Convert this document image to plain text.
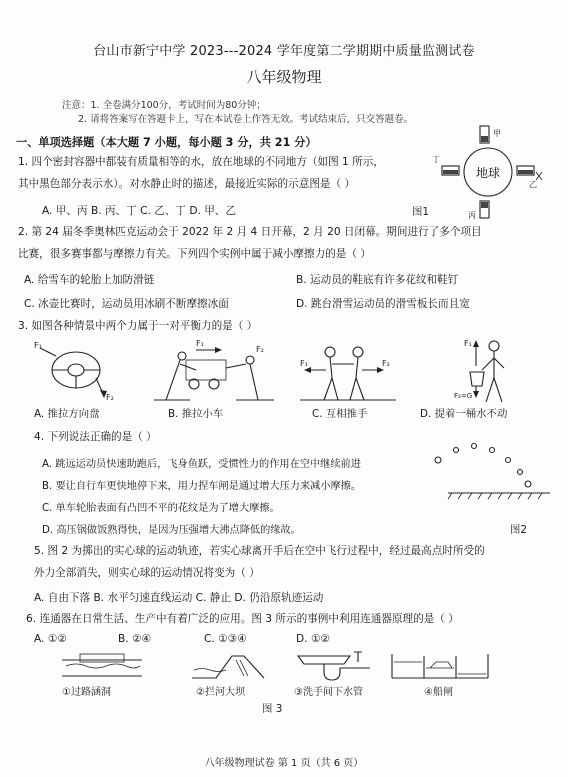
台山市新宁中学 2023---2024 学年度第二学期期中质量监测试卷
八年级物理
注意：1. 全卷满分100分，考试时间为80分钟；
2. 请将答案写在答题卡上，写在本试卷上作答无效。考试结束后，只交答题卷。
一、单项选择题（本大题 7 小题，每小题 3 分，共 21 分）
1. 四个密封容器中都装有质量相等的水，放在地球的不同地方（如图 1 所示，
其中黑色部分表示水）。对水静止时的描述，最接近实际的示意图是（ ）
A. 甲、丙 B. 丙、丁 C. 乙、丁 D. 甲、乙	图1
地球
甲
丙
丁
乙
2. 第 24 届冬季奥林匹克运动会于 2022 年 2 月 4 日开幕，2 月 20 日闭幕。期间进行了多个项目
比赛，很多赛事都与摩擦力有关。下列四个实例中属于减小摩擦力的是（ ）
A. 给雪车的轮胎上加防滑链	B. 运动员的鞋底有许多花纹和鞋钉
C. 冰壶比赛时，运动员用冰刷不断摩擦冰面	D. 跳台滑雪运动员的滑雪板长而且宽
3. 如图各种情景中两个力属于一对平衡力的是（ ）
F₁
F₂
F₁
F₂
F₁	F₂
F₁
F₂=G
A. 推拉方向盘	B. 推拉小车	C. 互相推手	D. 提着一桶水不动
4. 下列说法正确的是（ ）
A. 跳远运动员快速助跑后，飞身鱼跃，受惯性力的作用在空中继续前进
B. 要让自行车更快地停下来，用力捏车闸是通过增大压力来减小摩擦。
C. 单车轮胎表面有凸凹不平的花纹是为了增大摩擦。
D. 高压锅做饭熟得快，是因为压强增大沸点降低的缘故。	图2
5. 图 2 为掷出的实心球的运动轨迹，若实心球离开手后在空中飞行过程中，经过最高点时所受的
外力全部消失，则实心球的运动情况将变为（ ）
A. 自由下落 B. 水平匀速直线运动 C. 静止 D. 仍沿原轨迹运动
6. 连通器在日常生活、生产中有着广泛的应用。图 3 所示的事例中利用连通器原理的是（ ）
A. ①②	B. ②④	C. ①③④	D. ①②
①过路涵洞	②拦河大坝	③洗手间下水管	④船闸
图 3
八年级物理试卷 第 1 页（共 6 页）
